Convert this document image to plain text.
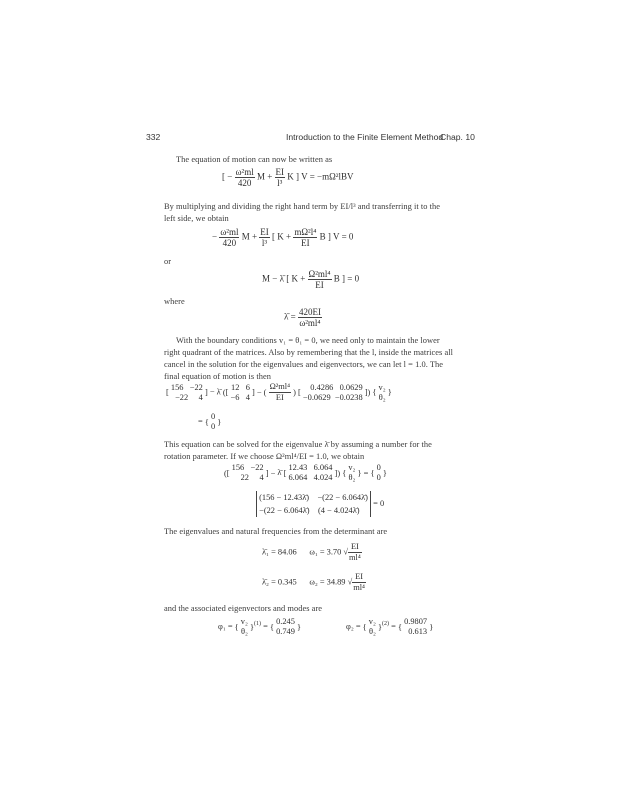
332	Introduction to the Finite Element Method
Chap. 10
The equation of motion can now be written as
[ − $\frac{\text{ω²ml}}{420}$ $M + \frac{EI}{\text{l³}}$ K ] V = −mΩ²lBV
By multiplying and dividing the right hand term by EI/l³ and transferring it to the
left side, we obtain
− $\frac{\text{ω²ml}}{420}$ $M + \frac{EI}{\text{l³}}$ [ $K + \frac{\text{mΩ²l⁴}}{EI}$ B ] V = 0
or
M − λ̄ [ $K + \frac{\text{Ω²ml⁴}}{EI}$ B ] = 0
where
λ̄ = $\frac{420EI}{\text{ω²ml⁴}}$
With the boundary conditions v₁ = θ₁ = 0, we need only to maintain the lower
right quadrant of the matrices. Also by remembering that the l, inside the matrices all
cancel in the solution for the eigenvalues and eigenvectors, we can let l = 1.0. The
final equation of motion is then
[ 156 −22
−22 4 ] − λ̄ ([ 12 6
−6 4 ] − ( $\frac{\text{Ω²ml⁴}}{EI}$ ) [ 0.4286 0.0629
−0.0629 −0.0238 ]) { v₂
θ₂ }
= { 0
0 }
This equation can be solved for the eigenvalue λ̄ by assuming a number for the
rotation parameter. If we choose Ω²ml⁴/EI = 1.0, we obtain
([ 156 −22
22 4 ] − λ̄ [ 12.43 6.064
6.064 4.024 ]) { v₂
θ₂ } = { 0
0 }
(156 − 12.43λ̄) −(22 − 6.064λ̄)
−(22 − 6.064λ̄) (4 − 4.024λ̄)  = 0
The eigenvalues and natural frequencies from the determinant are
λ̄₁ = 84.06 ω₁ = 3.70 √ $\frac{EI}{\text{ml⁴}}$
λ̄₂ = 0.345 ω₂ = 34.89 √ $\frac{EI}{\text{ml⁴}}$
and the associated eigenvectors and modes are
φ₁ = { v₂
θ₂ }$^{(1)}$ = { 0.245
0.749 }	φ₂ = { v₂
θ₂ }$^{(2)}$ = { 0.9807
0.613 }
